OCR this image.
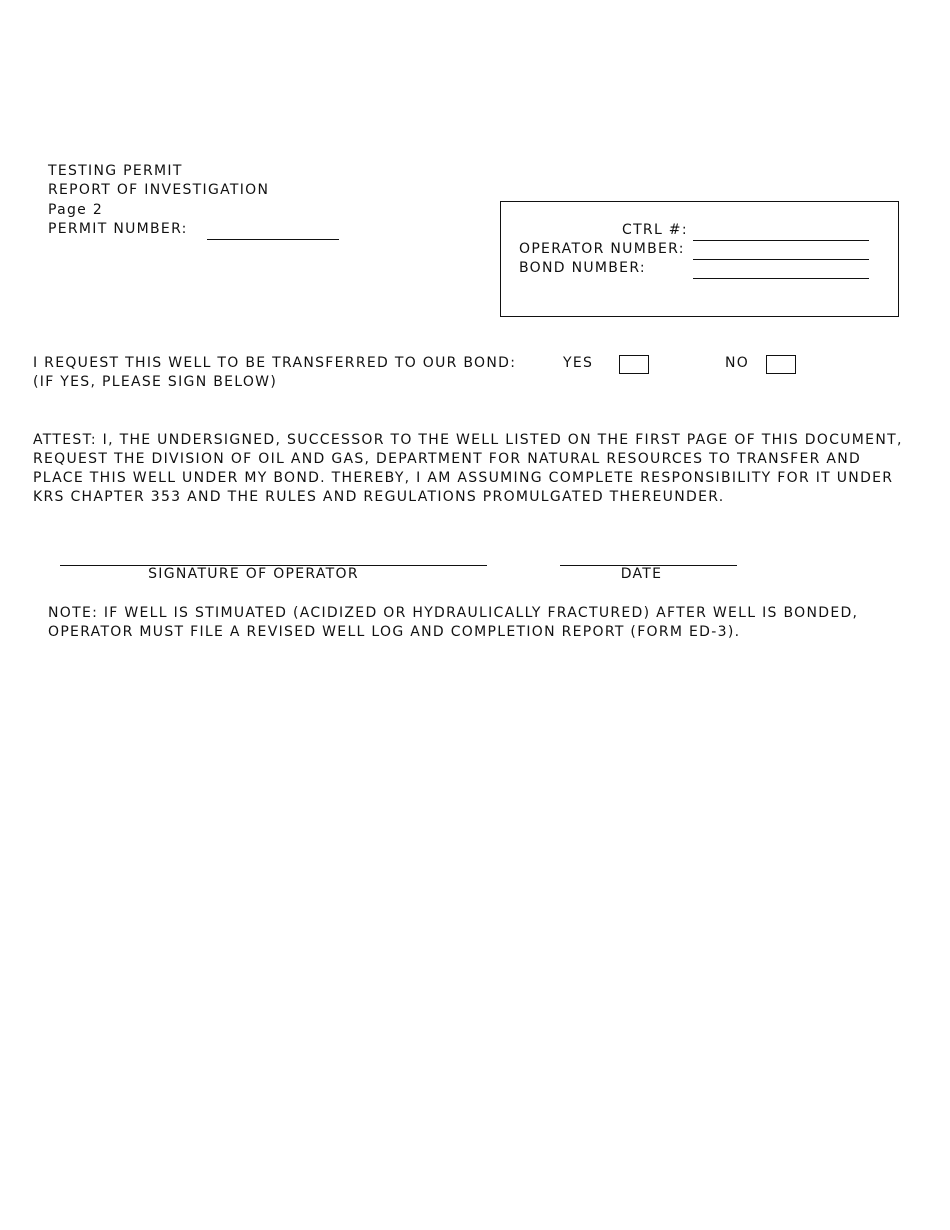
TESTING PERMIT
REPORT OF INVESTIGATION
Page 2
PERMIT NUMBER:	CTRL #:
OPERATOR NUMBER:
BOND NUMBER:
I REQUEST THIS WELL TO BE TRANSFERRED TO OUR BOND:
(IF YES, PLEASE SIGN BELOW)
YES	NO
ATTEST: I, THE UNDERSIGNED, SUCCESSOR TO THE WELL LISTED ON THE FIRST PAGE OF THIS DOCUMENT,
REQUEST THE DIVISION OF OIL AND GAS, DEPARTMENT FOR NATURAL RESOURCES TO TRANSFER AND
PLACE THIS WELL UNDER MY BOND. THEREBY, I AM ASSUMING COMPLETE RESPONSIBILITY FOR IT UNDER
KRS CHAPTER 353 AND THE RULES AND REGULATIONS PROMULGATED THEREUNDER.
SIGNATURE OF OPERATOR	DATE
NOTE: IF WELL IS STIMUATED (ACIDIZED OR HYDRAULICALLY FRACTURED) AFTER WELL IS BONDED,
OPERATOR MUST FILE A REVISED WELL LOG AND COMPLETION REPORT (FORM ED-3).
